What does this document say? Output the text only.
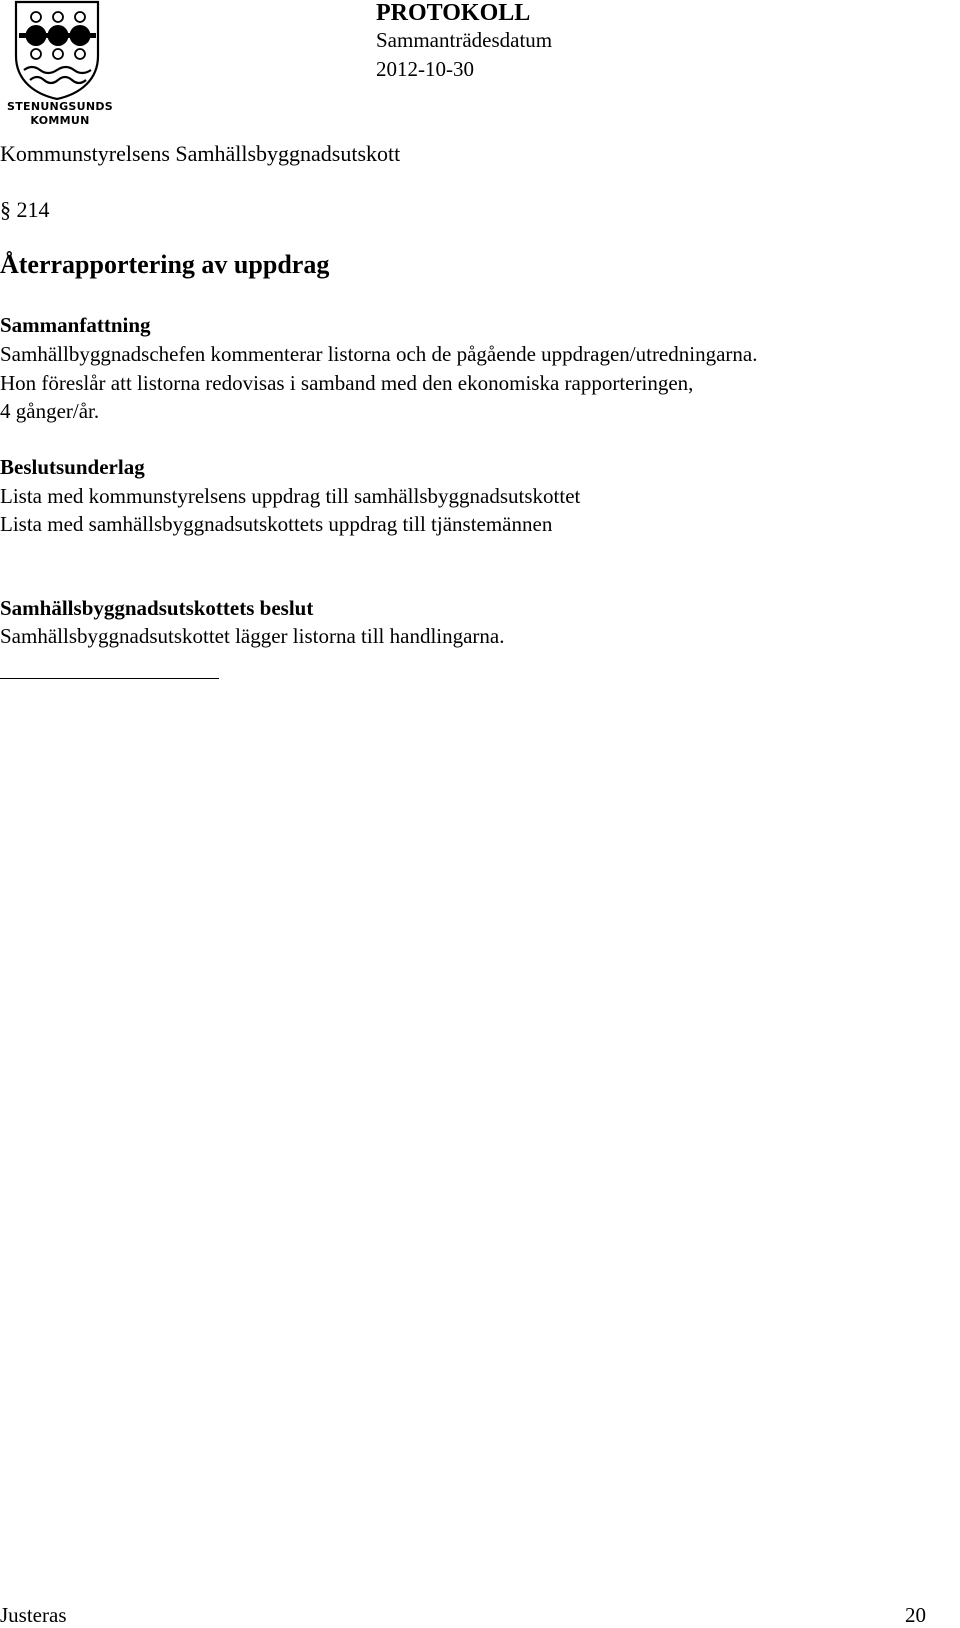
STENUNGSUNDS
KOMMUN
PROTOKOLL
Sammanträdesdatum
2012-10-30
Kommunstyrelsens Samhällsbyggnadsutskott
§ 214
Återrapportering av uppdrag
Sammanfattning
Samhällbyggnadschefen kommenterar listorna och de pågående uppdragen/utredningarna.
Hon föreslår att listorna redovisas i samband med den ekonomiska rapporteringen,
4 gånger/år.
Beslutsunderlag
Lista med kommunstyrelsens uppdrag till samhällsbyggnadsutskottet
Lista med samhällsbyggnadsutskottets uppdrag till tjänstemännen
Samhällsbyggnadsutskottets beslut
Samhällsbyggnadsutskottet lägger listorna till handlingarna.
Justeras	20
